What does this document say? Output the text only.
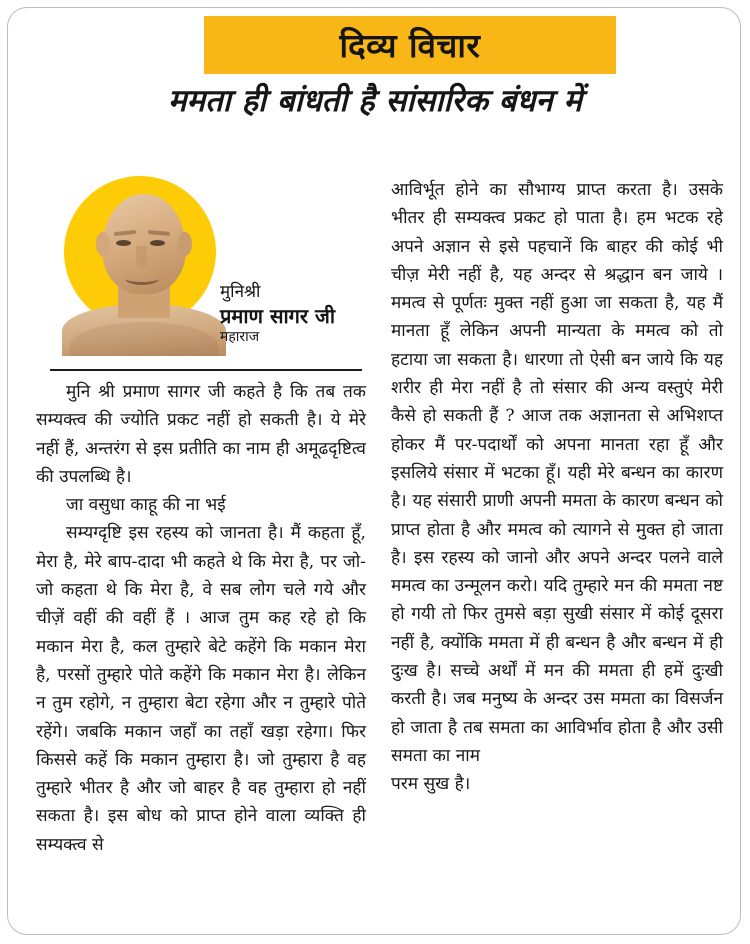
दिव्य विचार
ममता ही बांधती है सांसारिक बंधन में
मुनिश्री
प्रमाण सागर जी
महाराज

मुनि श्री प्रमाण सागर जी कहते है कि तब तक सम्यक्त्व की ज्योति प्रकट नहीं हो सकती है। ये मेरे नहीं हैं, अन्तरंग से इस प्रतीति का नाम ही अमूढदृष्टित्व की उपलब्धि है।

जा वसुधा काहू की ना भई

सम्यग्दृष्टि इस रहस्य को जानता है। मैं कहता हूँ, मेरा है, मेरे बाप-दादा भी कहते थे कि मेरा है, पर जो-जो कहता थे कि मेरा है, वे सब लोग चले गये और चीज़ें वहीं की वहीं हैं । आज तुम कह रहे हो कि मकान मेरा है, कल तुम्हारे बेटे कहेंगे कि मकान मेरा है, परसों तुम्हारे पोते कहेंगे कि मकान मेरा है। लेकिन न तुम रहोगे, न तुम्हारा बेटा रहेगा और न तुम्हारे पोते रहेंगे। जबकि मकान जहाँ का तहाँ खड़ा रहेगा। फिर किससे कहें कि मकान तुम्हारा है। जो तुम्हारा है वह तुम्हारे भीतर है और जो बाहर है वह तुम्हारा हो नहीं सकता है। इस बोध को प्राप्त होने वाला व्यक्ति ही सम्यक्त्व से

आविर्भूत होने का सौभाग्य प्राप्त करता है। उसके भीतर ही सम्यक्त्व प्रकट हो पाता है। हम भटक रहे अपने अज्ञान से इसे पहचानें कि बाहर की कोई भी चीज़ मेरी नहीं है, यह अन्दर से श्रद्धान बन जाये । ममत्व से पूर्णतः मुक्त नहीं हुआ जा सकता है, यह मैं मानता हूँ लेकिन अपनी मान्यता के ममत्व को तो हटाया जा सकता है। धारणा तो ऐसी बन जाये कि यह शरीर ही मेरा नहीं है तो संसार की अन्य वस्तुएं मेरी कैसे हो सकती हैं ? आज तक अज्ञानता से अभिशप्त होकर मैं पर-पदार्थों को अपना मानता रहा हूँ और इसलिये संसार में भटका हूँ। यही मेरे बन्धन का कारण है। यह संसारी प्राणी अपनी ममता के कारण बन्धन को प्राप्त होता है और ममत्व को त्यागने से मुक्त हो जाता है। इस रहस्य को जानो और अपने अन्दर पलने वाले ममत्व का उन्मूलन करो। यदि तुम्हारे मन की ममता नष्ट हो गयी तो फिर तुमसे बड़ा सुखी संसार में कोई दूसरा नहीं है, क्योंकि ममता में ही बन्धन है और बन्धन में ही दुःख है। सच्चे अर्थों में मन की ममता ही हमें दुःखी करती है। जब मनुष्य के अन्दर उस ममता का विसर्जन हो जाता है तब समता का आविर्भाव होता है और उसी समता का नाम

परम सुख है।
